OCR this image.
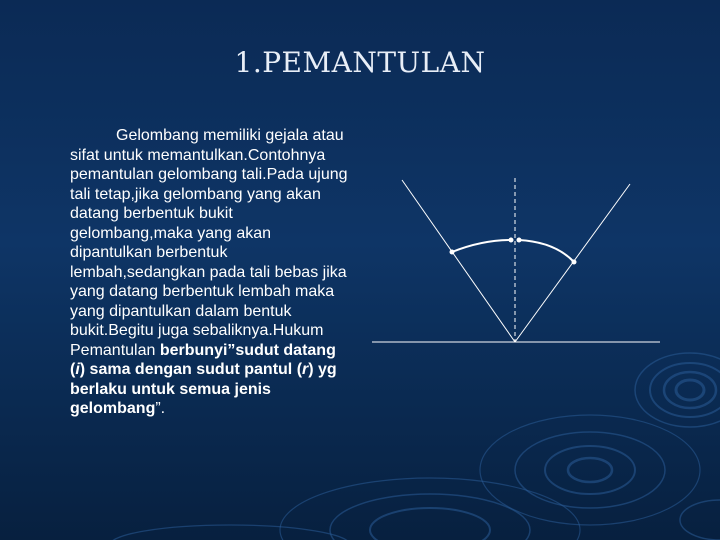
1.PEMANTULAN
Gelombang memiliki gejala atau sifat untuk memantulkan.Contohnya pemantulan gelombang tali.Pada ujung tali tetap,jika gelombang yang akan datang berbentuk bukit gelombang,maka yang akan dipantulkan berbentuk lembah,sedangkan pada tali bebas jika yang datang berbentuk lembah maka yang dipantulkan dalam bentuk bukit.Begitu juga sebaliknya.Hukum Pemantulan berbunyi”sudut datang (i) sama dengan sudut pantul (r) yg berlaku untuk semua jenis gelombang”.
